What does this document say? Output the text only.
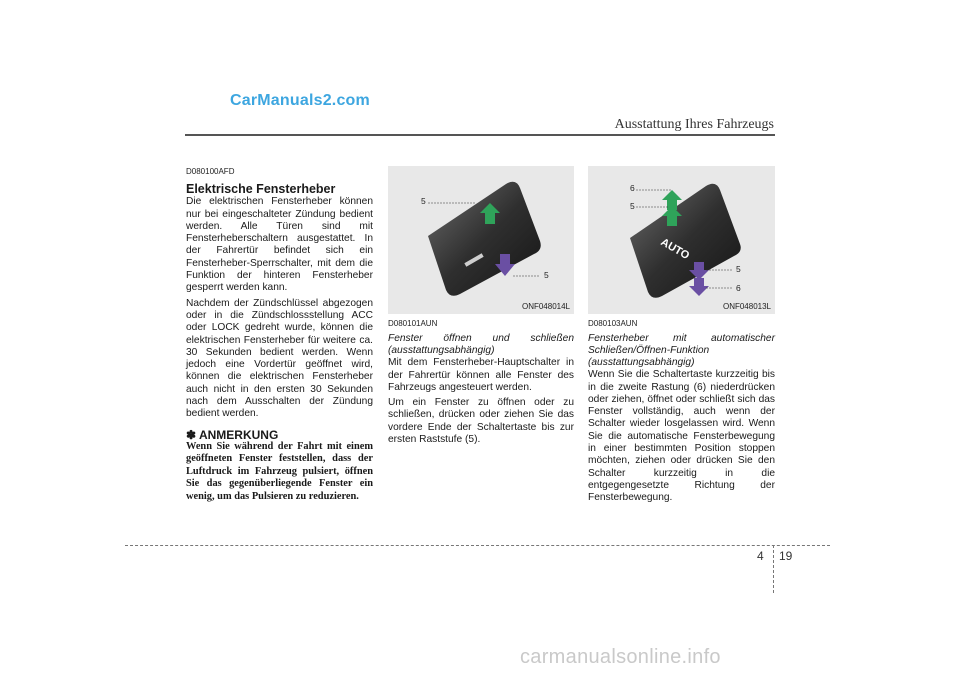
CarManuals2.com
Ausstattung Ihres Fahrzeugs
D080100AFD
Elektrische Fensterheber

Die elektrischen Fensterheber können nur bei eingeschalteter Zündung bedient werden. Alle Türen sind mit Fensterheberschaltern ausgestattet. In der Fahrertür befindet sich ein Fensterheber-Sperrschalter, mit dem die Funktion der hinteren Fensterheber gesperrt werden kann.

Nachdem der Zündschlüssel abgezogen oder in die Zündschlossstellung ACC oder LOCK gedreht wurde, können die elektrischen Fensterheber für weitere ca. 30 Sekunden bedient werden. Wenn jedoch eine Vordertür geöffnet wird, können die elektrischen Fensterheber auch nicht in den ersten 30 Sekunden nach dem Ausschalten der Zündung bedient werden.

✽ ANMERKUNG
Wenn Sie während der Fahrt mit einem geöffneten Fenster feststellen, dass der Luftdruck im Fahrzeug pulsiert, öffnen Sie das gegenüberliegende Fenster ein wenig, um das Pulsieren zu reduzieren.
5
5
ONF048014L
D080101AUN
Fenster öffnen und schließen (ausstattungsabhängig)

Mit dem Fensterheber-Hauptschalter in der Fahrertür können alle Fenster des Fahrzeugs angesteuert werden.

Um ein Fenster zu öffnen oder zu schließen, drücken oder ziehen Sie das vordere Ende der Schaltertaste bis zur ersten Raststufe (5).

AUTO
6
5
5
6
ONF048013L
D080103AUN
Fensterheber mit automatischer Schließen/Öffnen-Funktion (ausstattungsabhängig)

Wenn Sie die Schaltertaste kurzzeitig bis in die zweite Rastung (6) niederdrücken oder ziehen, öffnet oder schließt sich das Fenster vollständig, auch wenn der Schalter wieder losgelassen wird. Wenn Sie die automatische Fensterbewegung in einer bestimmten Position stoppen möchten, ziehen oder drücken Sie den Schalter kurzzeitig in die entgegengesetzte Richtung der Fensterbewegung.

4 19
carmanualsonline.info
